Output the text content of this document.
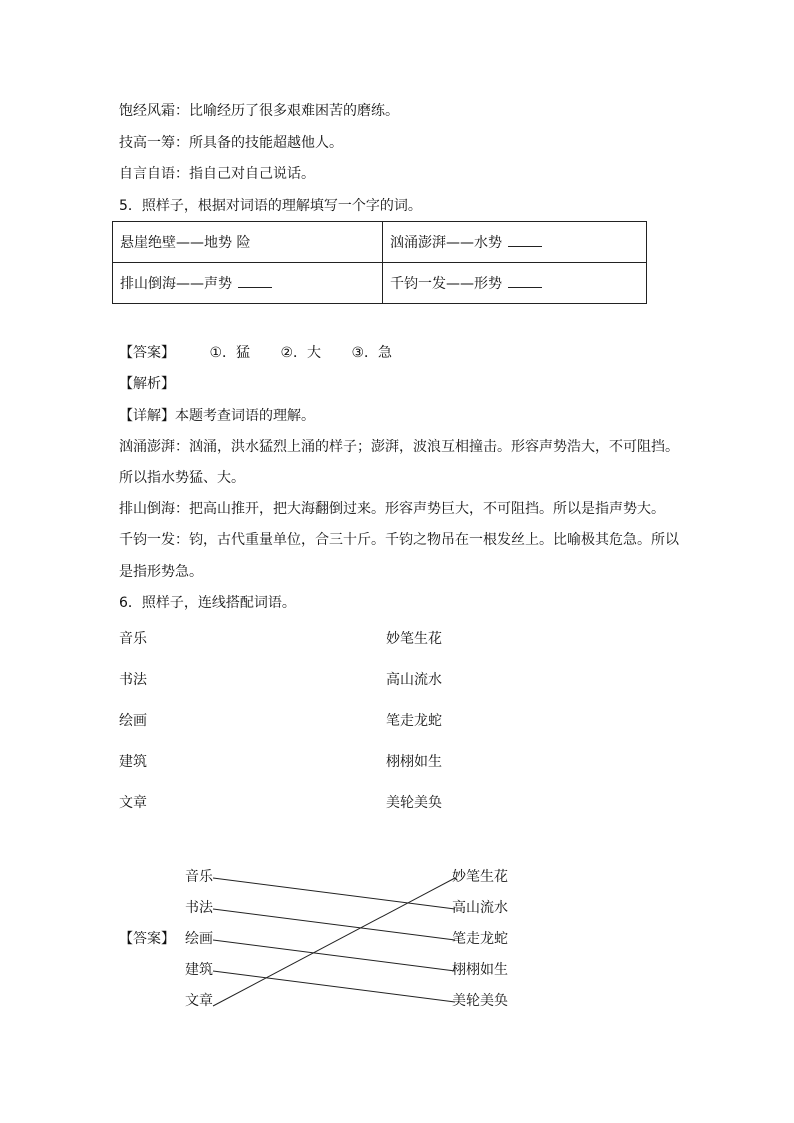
饱经风霜：比喻经历了很多艰难困苦的磨练。
技高一筹：所具备的技能超越他人。
自言自语：指自己对自己说话。
5．照样子，根据对词语的理解填写一个字的词。
悬崖绝壁——地势 险	汹涌澎湃——水势
排山倒海——声势	千钧一发——形势
【答案】 ①．猛 ②．大 ③．急
【解析】
【详解】本题考查词语的理解。
汹涌澎湃：汹涌，洪水猛烈上涌的样子；澎湃，波浪互相撞击。形容声势浩大，不可阻挡。
所以指水势猛、大。
排山倒海：把高山推开，把大海翻倒过来。形容声势巨大，不可阻挡。所以是指声势大。
千钧一发：钧，古代重量单位，合三十斤。千钧之物吊在一根发丝上。比喻极其危急。所以
是指形势急。
6．照样子，连线搭配词语。
音乐
书法
绘画
建筑
文章
妙笔生花
高山流水
笔走龙蛇
栩栩如生
美轮美奂
【答案】
音乐
书法
绘画
建筑
文章
妙笔生花
高山流水
笔走龙蛇
栩栩如生
美轮美奂
